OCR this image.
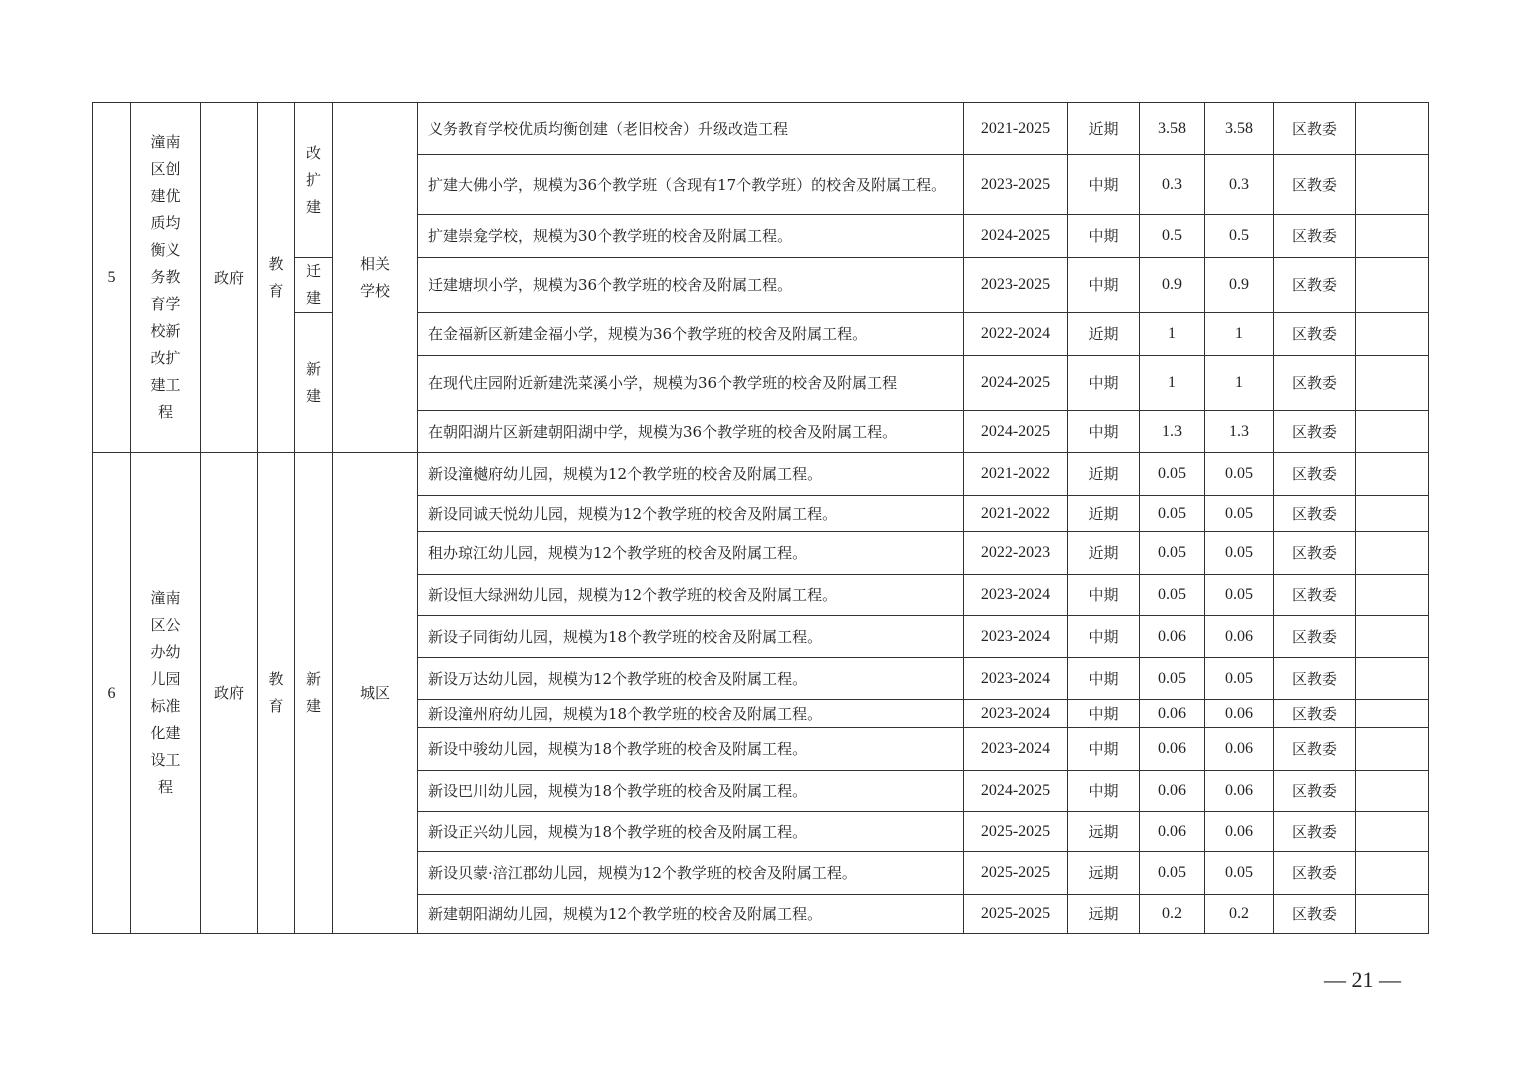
5	潼南区创建优质均衡义务教育学校新改扩建工程	政府	教育	改扩建	相关学校	义务教育学校优质均衡创建（老旧校舍）升级改造工程	2021-2025	近期	3.58	3.58	区教委	
						扩建大佛小学，规模为36个教学班（含现有17个教学班）的校舍及附属工程。	2023-2025	中期	0.3	0.3	区教委	
						扩建崇龛学校，规模为30个教学班的校舍及附属工程。	2024-2025	中期	0.5	0.5	区教委	
				迁建		迁建塘坝小学，规模为36个教学班的校舍及附属工程。	2023-2025	中期	0.9	0.9	区教委	
				新建		在金福新区新建金福小学，规模为36个教学班的校舍及附属工程。	2022-2024	近期	1	1	区教委	
						在现代庄园附近新建洗菜溪小学，规模为36个教学班的校舍及附属工程	2024-2025	中期	1	1	区教委	
						在朝阳湖片区新建朝阳湖中学，规模为36个教学班的校舍及附属工程。	2024-2025	中期	1.3	1.3	区教委	
6	潼南区公办幼儿园标准化建设工程	政府	教育	新建	城区	新设潼樾府幼儿园，规模为12个教学班的校舍及附属工程。	2021-2022	近期	0.05	0.05	区教委	
						新设同诚天悦幼儿园，规模为12个教学班的校舍及附属工程。	2021-2022	近期	0.05	0.05	区教委	
						租办琼江幼儿园，规模为12个教学班的校舍及附属工程。	2022-2023	近期	0.05	0.05	区教委	
						新设恒大绿洲幼儿园，规模为12个教学班的校舍及附属工程。	2023-2024	中期	0.05	0.05	区教委	
						新设子同街幼儿园，规模为18个教学班的校舍及附属工程。	2023-2024	中期	0.06	0.06	区教委	
						新设万达幼儿园，规模为12个教学班的校舍及附属工程。	2023-2024	中期	0.05	0.05	区教委	
						新设潼州府幼儿园，规模为18个教学班的校舍及附属工程。	2023-2024	中期	0.06	0.06	区教委	
						新设中骏幼儿园，规模为18个教学班的校舍及附属工程。	2023-2024	中期	0.06	0.06	区教委	
						新设巴川幼儿园，规模为18个教学班的校舍及附属工程。	2024-2025	中期	0.06	0.06	区教委	
						新设正兴幼儿园，规模为18个教学班的校舍及附属工程。	2025-2025	远期	0.06	0.06	区教委	
						新设贝蒙·涪江郡幼儿园，规模为12个教学班的校舍及附属工程。	2025-2025	远期	0.05	0.05	区教委	
						新建朝阳湖幼儿园，规模为12个教学班的校舍及附属工程。	2025-2025	远期	0.2	0.2	区教委	
— 21 —
